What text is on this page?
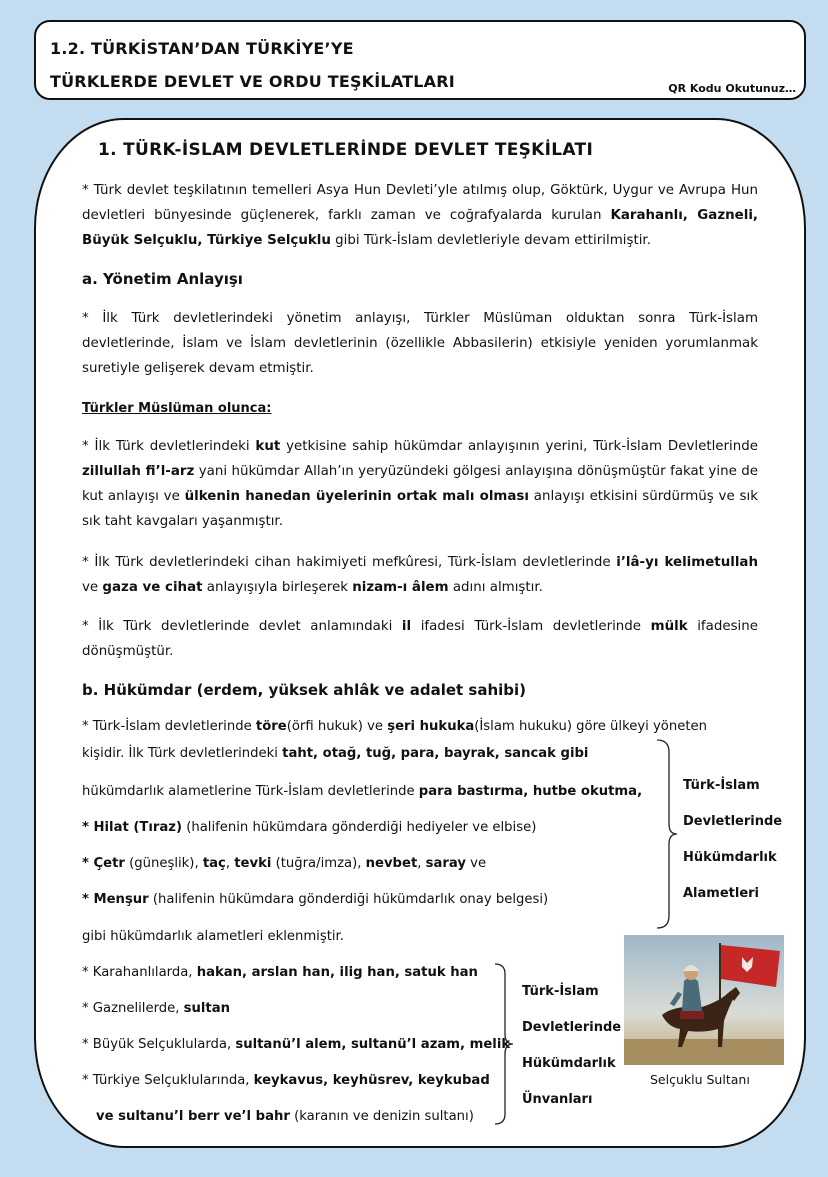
1.2. TÜRKİSTAN’DAN TÜRKİYE’YE
TÜRKLERDE DEVLET VE ORDU TEŞKİLATLARI	QR Kodu Okutunuz…
1. TÜRK-İSLAM DEVLETLERİNDE DEVLET TEŞKİLATI
* Türk devlet teşkilatının temelleri Asya Hun Devleti’yle atılmış olup, Göktürk, Uygur ve Avrupa Hun devletleri bünyesinde güçlenerek, farklı zaman ve coğrafyalarda kurulan Karahanlı, Gazneli, Büyük Selçuklu, Türkiye Selçuklu gibi Türk-İslam devletleriyle devam ettirilmiştir.
a. Yönetim Anlayışı
* İlk Türk devletlerindeki yönetim anlayışı, Türkler Müslüman olduktan sonra Türk-İslam devletlerinde, İslam ve İslam devletlerinin (özellikle Abbasilerin) etkisiyle yeniden yorumlanmak suretiyle gelişerek devam etmiştir.
Türkler Müslüman olunca:
* İlk Türk devletlerindeki kut yetkisine sahip hükümdar anlayışının yerini, Türk-İslam Devletlerinde zillullah fi’l-arz yani hükümdar Allah’ın yeryüzündeki gölgesi anlayışına dönüşmüştür fakat yine de kut anlayışı ve ülkenin hanedan üyelerinin ortak malı olması anlayışı etkisini sürdürmüş ve sık sık taht kavgaları yaşanmıştır.
* İlk Türk devletlerindeki cihan hakimiyeti mefkûresi, Türk-İslam devletlerinde i’lâ-yı kelimetullah ve gaza ve cihat anlayışıyla birleşerek nizam-ı âlem adını almıştır.
* İlk Türk devletlerinde devlet anlamındaki il ifadesi Türk-İslam devletlerinde mülk ifadesine dönüşmüştür.
b. Hükümdar (erdem, yüksek ahlâk ve adalet sahibi)
* Türk-İslam devletlerinde töre(örfi hukuk) ve şeri hukuka(İslam hukuku) göre ülkeyi yöneten
kişidir. İlk Türk devletlerindeki taht, otağ, tuğ, para, bayrak, sancak gibi
hükümdarlık alametlerine Türk-İslam devletlerinde para bastırma, hutbe okutma,
* Hilat (Tıraz) (halifenin hükümdara gönderdiği hediyeler ve elbise)
* Çetr (güneşlik), taç, tevki (tuğra/imza), nevbet, saray ve
* Menşur (halifenin hükümdara gönderdiği hükümdarlık onay belgesi)
gibi hükümdarlık alametleri eklenmiştir.
Türk-İslam
Devletlerinde
Hükümdarlık
Alametleri
* Karahanlılarda, hakan, arslan han, ilig han, satuk han
* Gaznelilerde, sultan
* Büyük Selçuklularda, sultanü’l alem, sultanü’l azam, melik
* Türkiye Selçuklularında, keykavus, keyhüsrev, keykubad
ve sultanu’l berr ve’l bahr (karanın ve denizin sultanı)
Türk-İslam
Devletlerinde
Hükümdarlık
Ünvanları
Selçuklu Sultanı
